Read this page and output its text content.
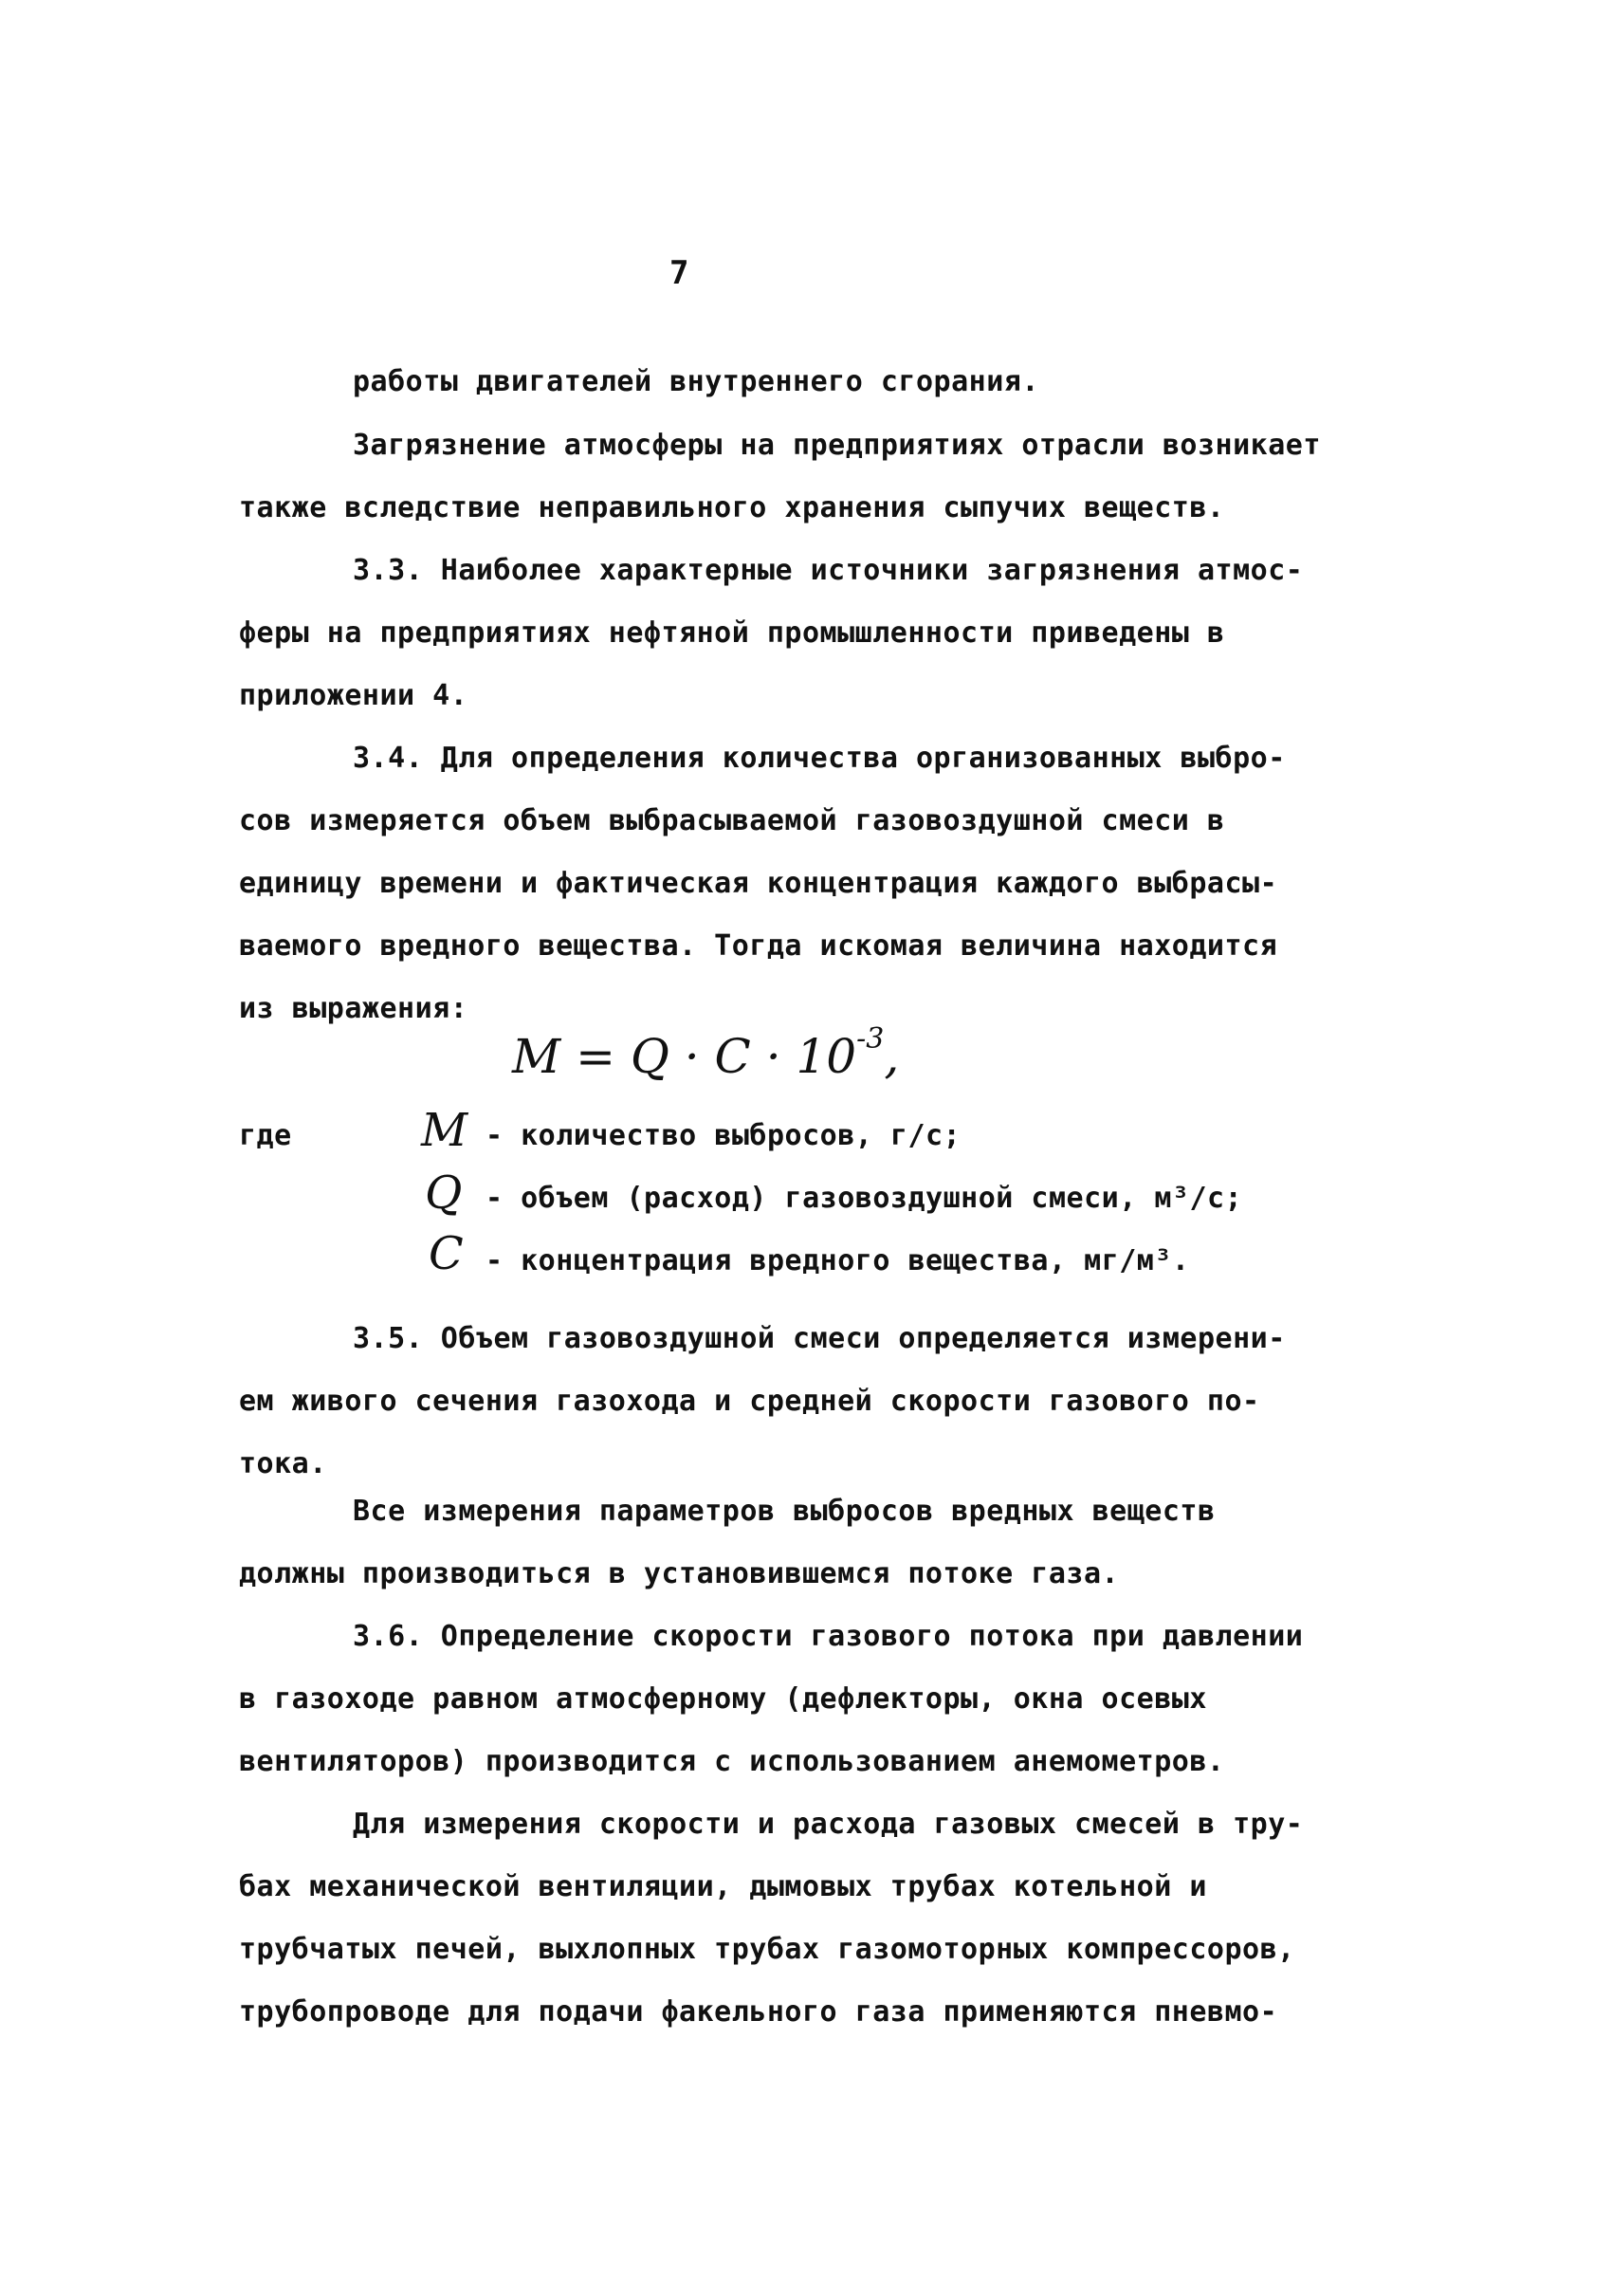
7
работы двигателей внутреннего сгорания.
Загрязнение атмосферы на предприятиях отрасли возникает
также вследствие неправильного хранения сыпучих веществ.
3.3. Наиболее характерные источники загрязнения атмос-
феры на предприятиях нефтяной промышленности приведены в
приложении 4.
3.4. Для определения количества организованных выбро-
сов измеряется объем выбрасываемой газовоздушной смеси в
единицу времени и фактическая концентрация каждого выбрасы-
ваемого вредного вещества. Тогда искомая величина находится
из выражения:
$M = Q \cdot C \cdot 10^{-3}$,
где	M - количество выбросов, г/с;
Q - объем (расход) газовоздушной смеси, м³/с;
C - концентрация вредного вещества, мг/м³.
3.5. Объем газовоздушной смеси определяется измерени-
ем живого сечения газохода и средней скорости газового по-
тока.
Все измерения параметров выбросов вредных веществ
должны производиться в установившемся потоке газа.
3.6. Определение скорости газового потока при давлении
в газоходе равном атмосферному (дефлекторы, окна осевых
вентиляторов) производится с использованием анемометров.
Для измерения скорости и расхода газовых смесей в тру-
бах механической вентиляции, дымовых трубах котельной и
трубчатых печей, выхлопных трубах газомоторных компрессоров,
трубопроводе для подачи факельного газа применяются пневмо-
